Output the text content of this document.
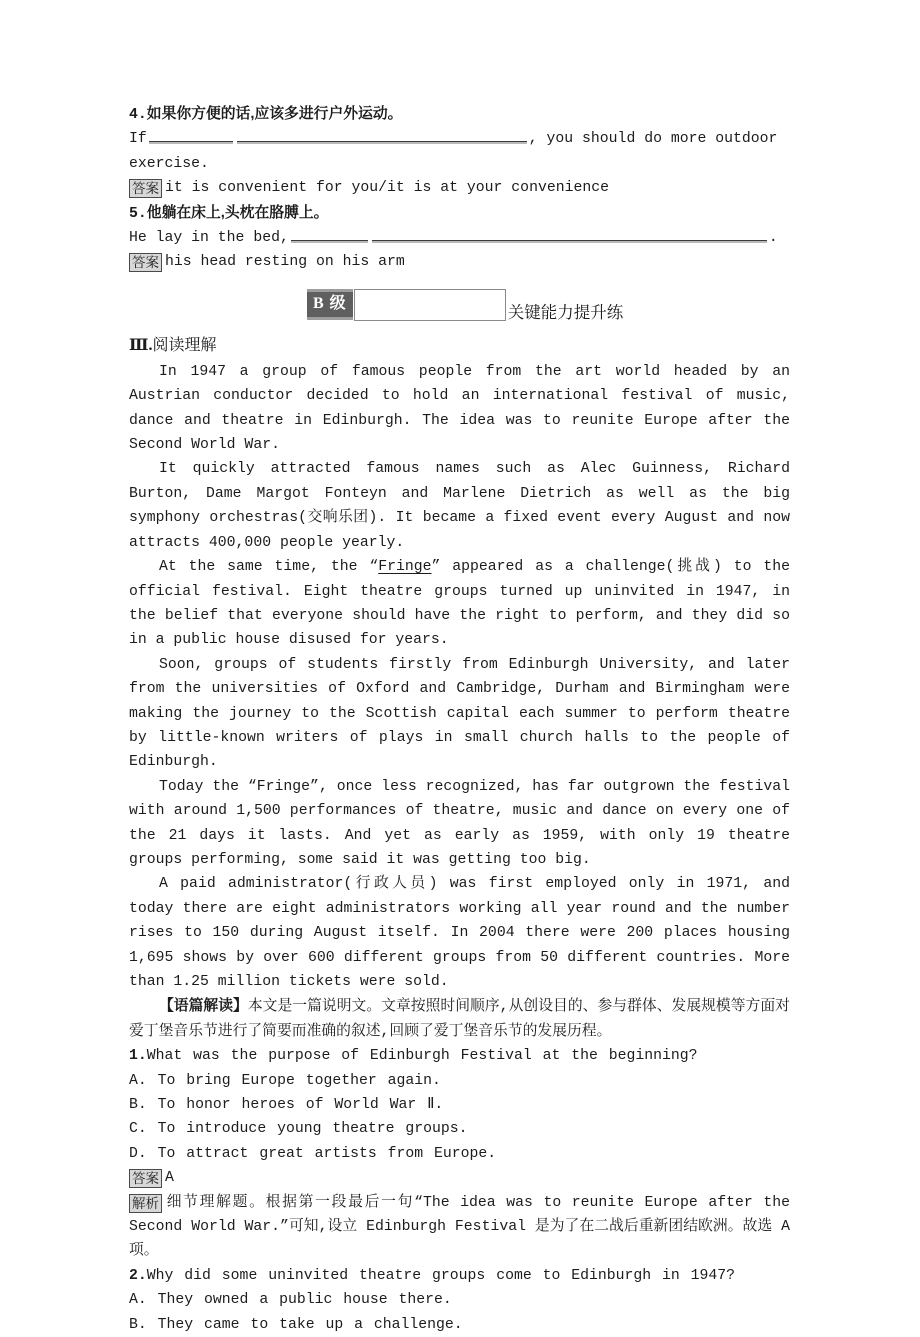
4.如果你方便的话,应该多进行户外运动。
If	, you should do more outdoor
exercise.
答案 it is convenient for you/it is at your convenience
5.他躺在床上,头枕在胳膊上。
He lay in the bed,	.
答案 his head resting on his arm
B 级	关键能力提升练
Ⅲ.阅读理解
In 1947 a group of famous people from the art world headed by an Austrian conductor decided to hold an international festival of music, dance and theatre in Edinburgh. The idea was to reunite Europe after the Second World War.
It quickly attracted famous names such as Alec Guinness, Richard Burton, Dame Margot Fonteyn and Marlene Dietrich as well as the big symphony orchestras(交响乐团). It became a fixed event every August and now attracts 400,000 people yearly.
At the same time, the “Fringe” appeared as a challenge(挑战) to the official festival. Eight theatre groups turned up uninvited in 1947, in the belief that everyone should have the right to perform, and they did so in a public house disused for years.
Soon, groups of students firstly from Edinburgh University, and later from the universities of Oxford and Cambridge, Durham and Birmingham were making the journey to the Scottish capital each summer to perform theatre by little-known writers of plays in small church halls to the people of Edinburgh.
Today the “Fringe”, once less recognized, has far outgrown the festival with around 1,500 performances of theatre, music and dance on every one of the 21 days it lasts. And yet as early as 1959, with only 19 theatre groups performing, some said it was getting too big.
A paid administrator(行政人员) was first employed only in 1971, and today there are eight administrators working all year round and the number rises to 150 during August itself. In 2004 there were 200 places housing 1,695 shows by over 600 different groups from 50 different countries. More than 1.25 million tickets were sold.
【语篇解读】本文是一篇说明文。文章按照时间顺序,从创设目的、参与群体、发展规模等方面对爱丁堡音乐节进行了简要而准确的叙述,回顾了爱丁堡音乐节的发展历程。
1.What was the purpose of Edinburgh Festival at the beginning?
A. To bring Europe together again.
B. To honor heroes of World War Ⅱ.
C. To introduce young theatre groups.
D. To attract great artists from Europe.
答案 A
解析 细节理解题。根据第一段最后一句“The idea was to reunite Europe after the Second World War.”可知,设立 Edinburgh Festival 是为了在二战后重新团结欧洲。故选 A 项。
2.Why did some uninvited theatre groups come to Edinburgh in 1947?
A. They owned a public house there.
B. They came to take up a challenge.
